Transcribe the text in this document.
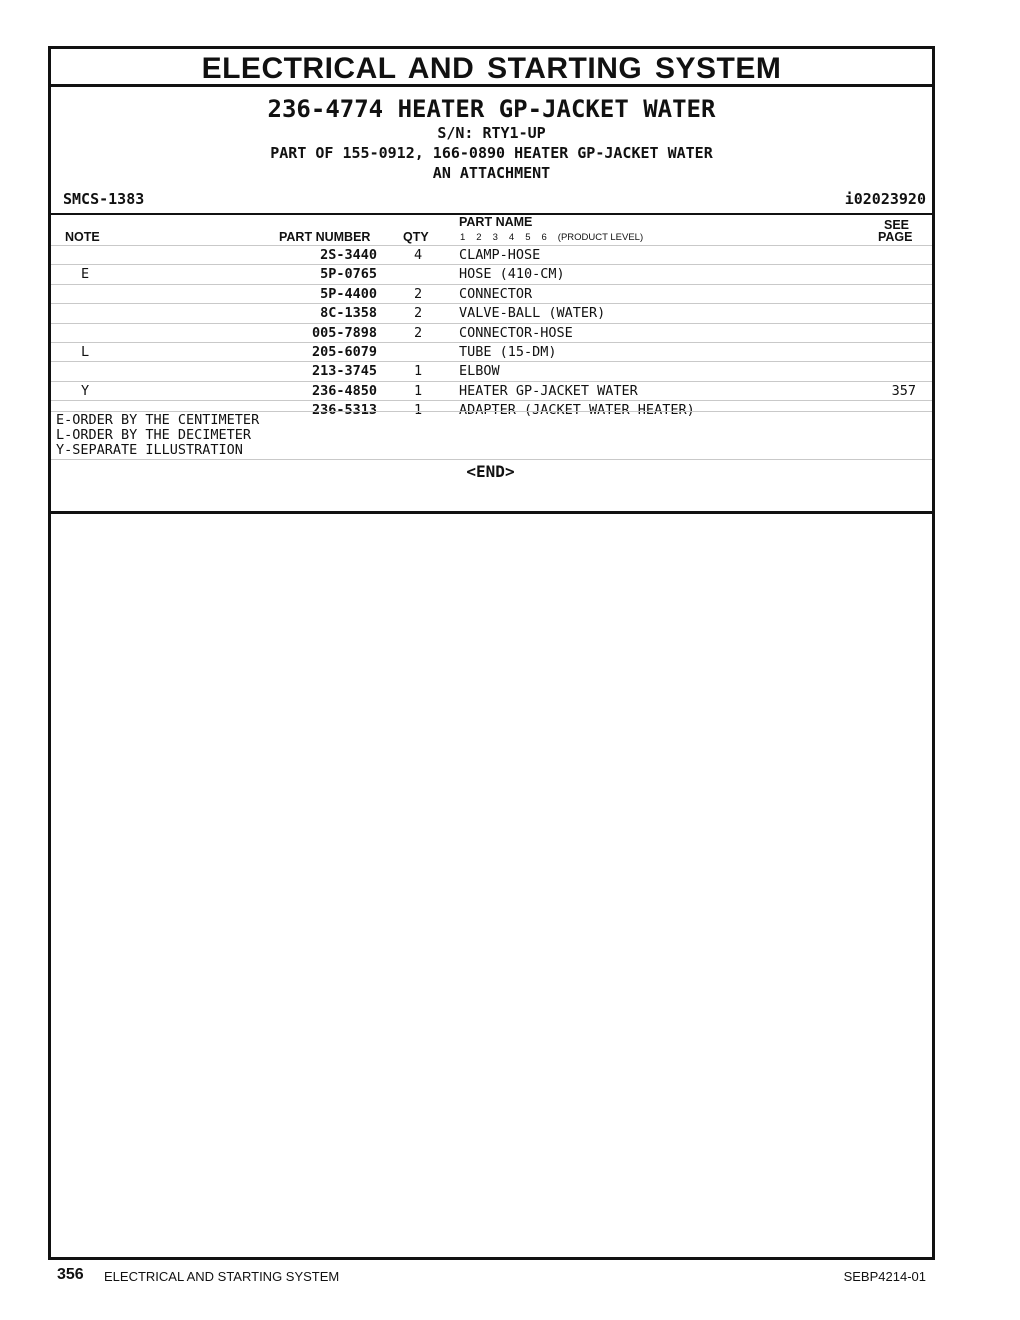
ELECTRICAL AND STARTING SYSTEM
236-4774 HEATER GP-JACKET WATER
S/N: RTY1-UP
PART OF 155-0912, 166-0890 HEATER GP-JACKET WATER
AN ATTACHMENT
SMCS-1383	i02023920
NOTE	PART NUMBER	QTY
PART NAME
1 2 3 4 5 6 (PRODUCT LEVEL)
SEE
PAGE
2S-3440	4	CLAMP-HOSE
E	5P-0765	HOSE (410-CM)
5P-4400	2	CONNECTOR
8C-1358	2	VALVE-BALL (WATER)
005-7898	2	CONNECTOR-HOSE
L	205-6079	TUBE (15-DM)
213-3745	1	ELBOW
Y	236-4850	1	HEATER GP-JACKET WATER	357
236-5313	1	ADAPTER (JACKET WATER HEATER)
E-ORDER BY THE CENTIMETER
L-ORDER BY THE DECIMETER
Y-SEPARATE ILLUSTRATION
<END>
356 ELECTRICAL AND STARTING SYSTEM	SEBP4214-01
